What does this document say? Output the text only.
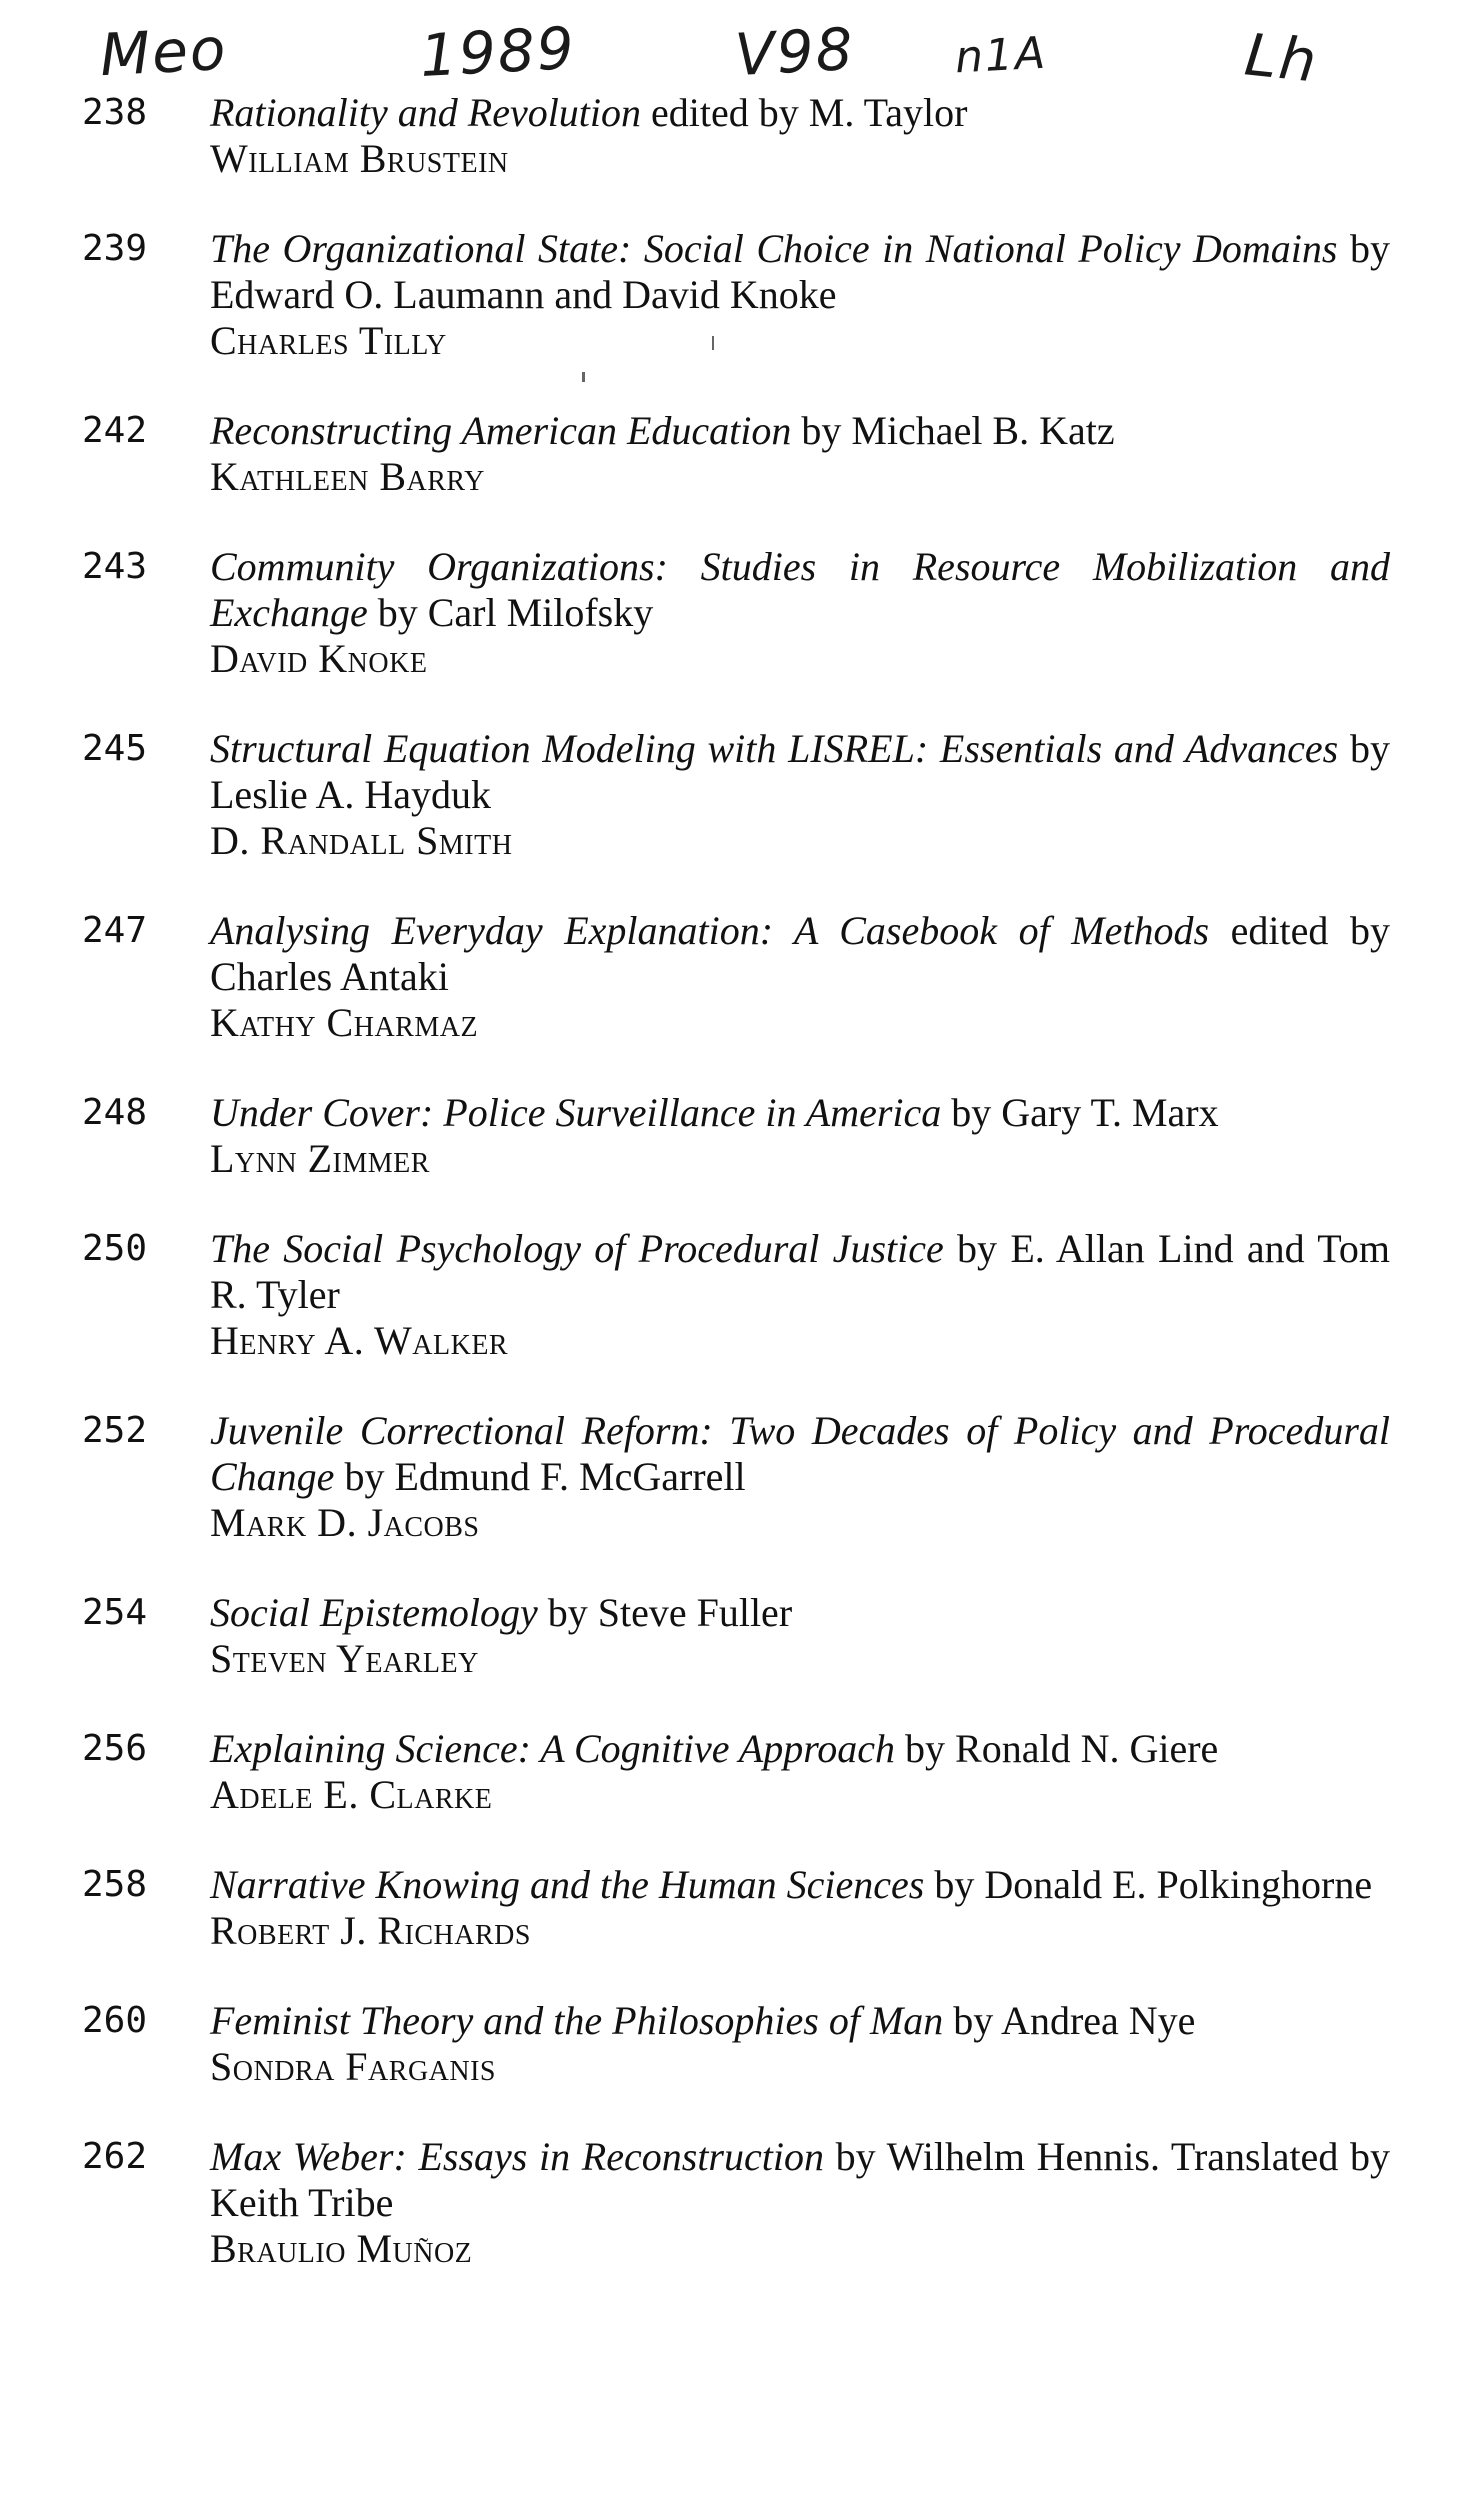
Mео	1989	V98 n1A	Lh
238 Rationality and Revolution edited by M. Taylor
William Brustein
239 The Organizational State: Social Choice in National Policy Domains by Edward O. Laumann and David Knoke
Charles Tilly
242 Reconstructing American Education by Michael B. Katz
Kathleen Barry
243 Community Organizations: Studies in Resource Mobilization and Exchange by Carl Milofsky
David Knoke
245 Structural Equation Modeling with LISREL: Essentials and Advances by Leslie A. Hayduk
D. Randall Smith
247 Analysing Everyday Explanation: A Casebook of Methods edited by Charles Antaki
Kathy Charmaz
248 Under Cover: Police Surveillance in America by Gary T. Marx
Lynn Zimmer
250 The Social Psychology of Procedural Justice by E. Allan Lind and Tom R. Tyler
Henry A. Walker
252 Juvenile Correctional Reform: Two Decades of Policy and Procedural Change by Edmund F. McGarrell
Mark D. Jacobs
254 Social Epistemology by Steve Fuller
Steven Yearley
256 Explaining Science: A Cognitive Approach by Ronald N. Giere
Adele E. Clarke
258 Narrative Knowing and the Human Sciences by Donald E. Polkinghorne
Robert J. Richards
260 Feminist Theory and the Philosophies of Man by Andrea Nye
Sondra Farganis
262 Max Weber: Essays in Reconstruction by Wilhelm Hennis. Translated by Keith Tribe
Braulio Muñoz
